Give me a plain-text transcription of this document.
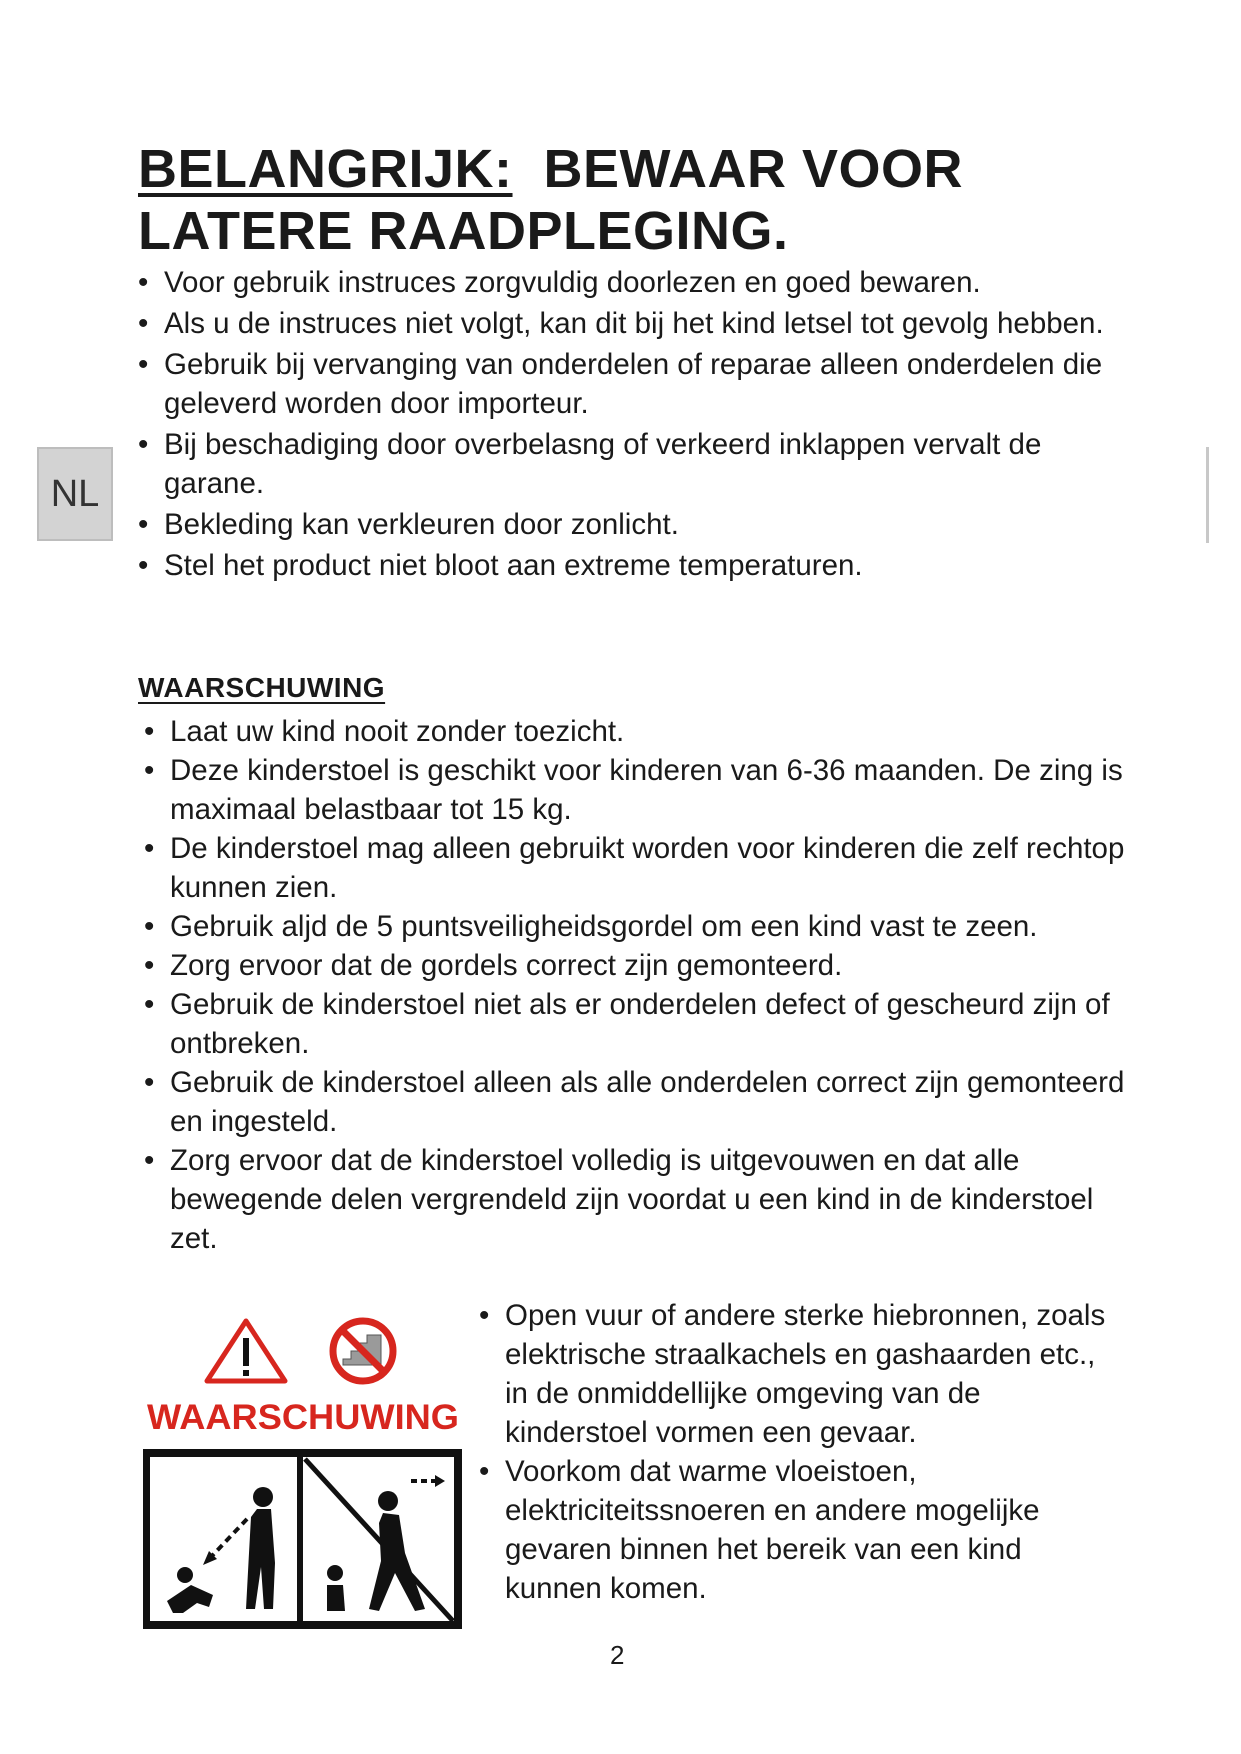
BELANGRIJK: BEWAAR VOOR
LATERE RAADPLEGING.
NL
• Voor gebruik instruces zorgvuldig doorlezen en goed bewaren.
• Als u de instruces niet volgt, kan dit bij het kind letsel tot gevolg hebben.
• Gebruik bij vervanging van onderdelen of reparae alleen onderdelen die geleverd worden door importeur.
• Bij beschadiging door overbelasng of verkeerd inklappen vervalt de garane.
• Bekleding kan verkleuren door zonlicht.
• Stel het product niet bloot aan extreme temperaturen.
WAARSCHUWING
• Laat uw kind nooit zonder toezicht.
• Deze kinderstoel is geschikt voor kinderen van 6-36 maanden. De zing is maximaal belastbaar tot 15 kg.
• De kinderstoel mag alleen gebruikt worden voor kinderen die zelf rechtop kunnen zien.
• Gebruik aljd de 5 puntsveiligheidsgordel om een kind vast te zeen.
• Zorg ervoor dat de gordels correct zijn gemonteerd.
• Gebruik de kinderstoel niet als er onderdelen defect of gescheurd zijn of ontbreken.
• Gebruik de kinderstoel alleen als alle onderdelen correct zijn gemonteerd en ingesteld.
• Zorg ervoor dat de kinderstoel volledig is uitgevouwen en dat alle bewegende delen vergrendeld zijn voordat u een kind in de kinderstoel zet.
WAARSCHUWING
• Open vuur of andere sterke hiebronnen, zoals elektrische straalkachels en gashaarden etc., in de onmiddellijke omgeving van de kinderstoel vormen een gevaar.
• Voorkom dat warme vloeistoen, elektriciteitssnoeren en andere mogelijke gevaren binnen het bereik van een kind kunnen komen.
2
